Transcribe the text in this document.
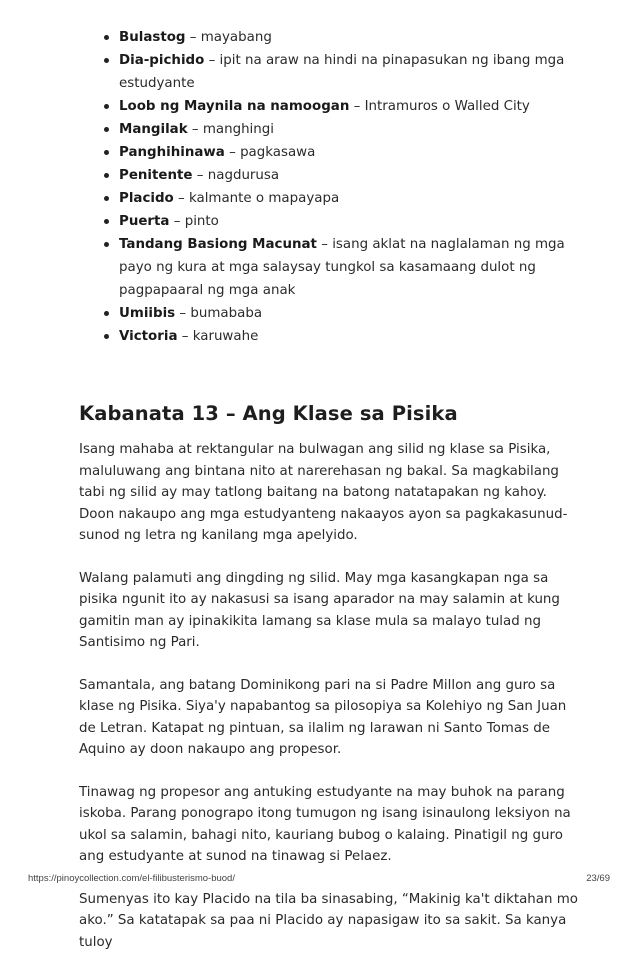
Bulastog – mayabang
Dia-pichido – ipit na araw na hindi na pinapasukan ng ibang mga estudyante
Loob ng Maynila na namoogan – Intramuros o Walled City
Mangilak – manghingi
Panghihinawa – pagkasawa
Penitente – nagdurusa
Placido – kalmante o mapayapa
Puerta – pinto
Tandang Basiong Macunat – isang aklat na naglalaman ng mga payo ng kura at mga salaysay tungkol sa kasamaang dulot ng pagpapaaral ng mga anak
Umiibis – bumababa
Victoria – karuwahe
Kabanata 13 – Ang Klase sa Pisika

Isang mahaba at rektangular na bulwagan ang silid ng klase sa Pisika, maluluwang ang bintana nito at narerehasan ng bakal. Sa magkabilang tabi ng silid ay may tatlong baitang na batong natatapakan ng kahoy. Doon nakaupo ang mga estudyanteng nakaayos ayon sa pagkakasunud-sunod ng letra ng kanilang mga apelyido.

Walang palamuti ang dingding ng silid. May mga kasangkapan nga sa pisika ngunit ito ay nakasusi sa isang aparador na may salamin at kung gamitin man ay ipinakikita lamang sa klase mula sa malayo tulad ng Santisimo ng Pari.

Samantala, ang batang Dominikong pari na si Padre Millon ang guro sa klase ng Pisika. Siya'y napabantog sa pilosopiya sa Kolehiyo ng San Juan de Letran. Katapat ng pintuan, sa ilalim ng larawan ni Santo Tomas de Aquino ay doon nakaupo ang propesor.

Tinawag ng propesor ang antuking estudyante na may buhok na parang iskoba. Parang ponograpo itong tumugon ng isang isinaulong leksiyon na ukol sa salamin, bahagi nito, kauriang bubog o kalaing. Pinatigil ng guro ang estudyante at sunod na tinawag si Pelaez.

Sumenyas ito kay Placido na tila ba sinasabing, “Makinig ka't diktahan mo ako.” Sa katatapak sa paa ni Placido ay napasigaw ito sa sakit. Sa kanya tuloy

https://pinoycollection.com/el-filibusterismo-buod/	23/69
